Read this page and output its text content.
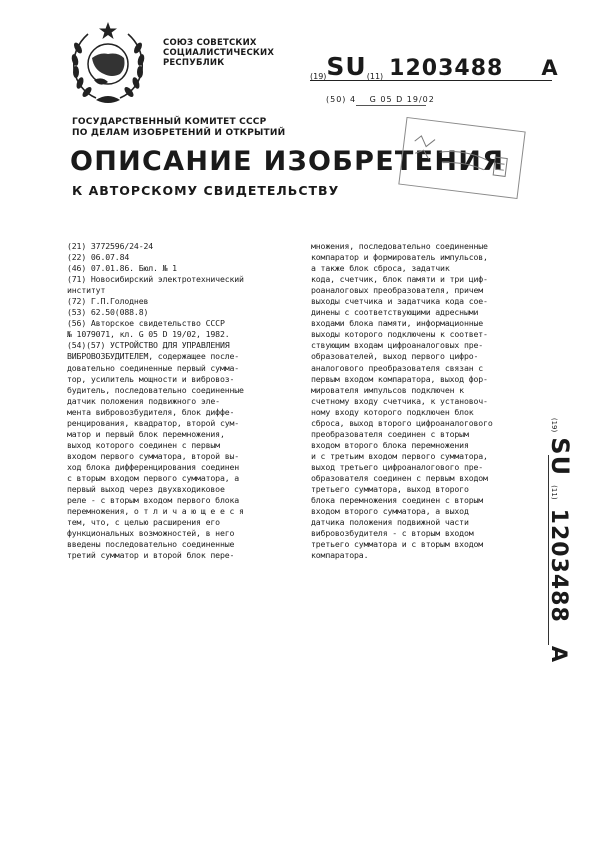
СОЮЗ СОВЕТСКИХ
СОЦИАЛИСТИЧЕСКИХ
РЕСПУБЛИК
(19)SU(11) 1203488 A
(50) 4 G 05 D 19/02
ГОСУДАРСТВЕННЫЙ КОМИТЕТ СССР
ПО ДЕЛАМ ИЗОБРЕТЕНИЙ И ОТКРЫТИЙ
ОПИСАНИЕ ИЗОБРЕТЕНИЯ
К АВТОРСКОМУ СВИДЕТЕЛЬСТВУ
(21) 3772596/24-24
(22) 06.07.84
(46) 07.01.86. Бюл. № 1
(71) Новосибирский электротехнический
институт
(72) Г.П.Голоднев
(53) 62.50(088.8)
(56) Авторское свидетельство СССР
№ 1079071, кл. G 05 D 19/02, 1982.
(54)(57) УСТРОЙСТВО ДЛЯ УПРАВЛЕНИЯ
ВИБРОВОЗБУДИТЕЛЕМ, содержащее после-
довательно соединенные первый сумма-
тор, усилитель мощности и вибровоз-
будитель, последовательно соединенные
датчик положения подвижного эле-
мента вибровозбудителя, блок диффе-
ренцирования, квадратор, второй сум-
матор и первый блок перемножения,
выход которого соединен с первым
входом первого сумматора, второй вы-
ход блока дифференцирования соединен
с вторым входом первого сумматора, а
первый выход через двухвходиковое
реле - с вторым входом первого блока
перемножения, о т л и ч а ю щ е е с я
тем, что, с целью расширения его
функциональных возможностей, в него
введены последовательно соединенные
третий сумматор и второй блок пере-
множения, последовательно соединенные
компаратор и формирователь импульсов,
а также блок сброса, задатчик
кода, счетчик, блок памяти и три циф-
роаналоговых преобразователя, причем
выходы счетчика и задатчика кода сое-
динены с соответствующими адресными
входами блока памяти, информационные
выходы которого подключены к соответ-
ствующим входам цифроаналоговых пре-
образователей, выход первого цифро-
аналогового преобразователя связан с
первым входом компаратора, выход фор-
мирователя импульсов подключен к
счетному входу счетчика, к установоч-
ному входу которого подключен блок
сброса, выход второго цифроаналогового
преобразователя соединен с вторым
входом второго блока перемножения
и с третьим входом первого сумматора,
выход третьего цифроаналогового пре-
образователя соединен с первым входом
третьего сумматора, выход второго
блока перемножения соединен с вторым
входом второго сумматора, а выход
датчика положения подвижной части
вибровозбудителя - с вторым входом
третьего сумматора и с вторым входом
компаратора.
(19) SU (11) 1203488 A
